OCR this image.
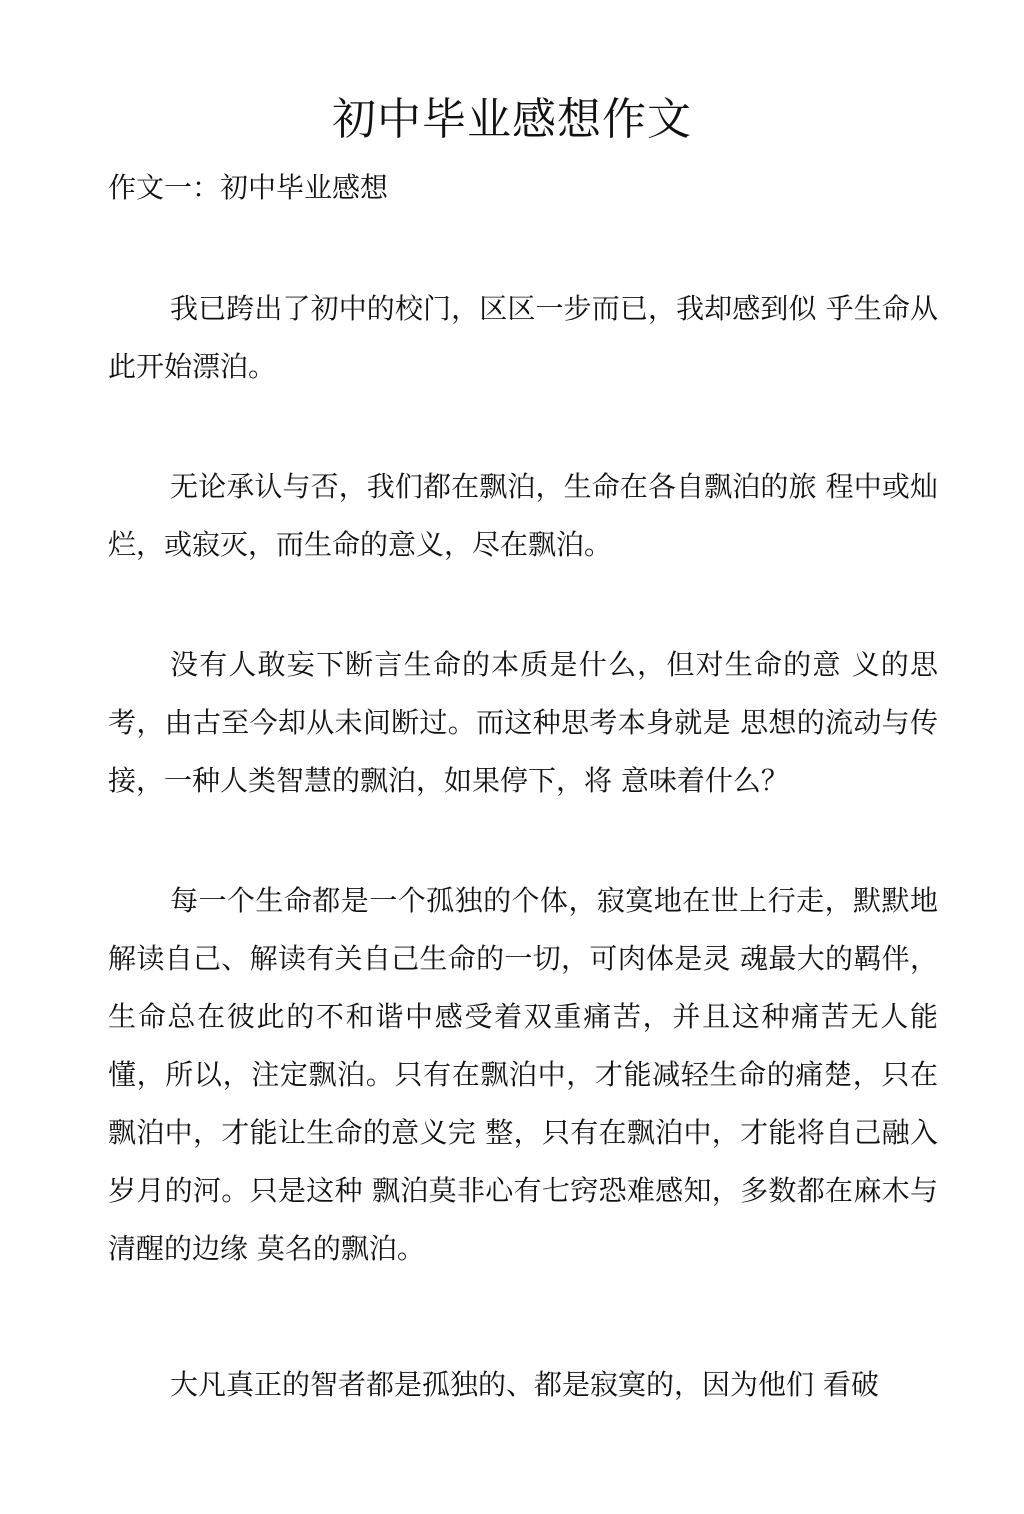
初中毕业感想作文

作文一：初中毕业感想

我已跨出了初中的校门，区区一步而已，我却感到似 乎生命从此开始漂泊。

无论承认与否，我们都在飘泊，生命在各自飘泊的旅 程中或灿烂，或寂灭，而生命的意义，尽在飘泊。

没有人敢妄下断言生命的本质是什么，但对生命的意 义的思考，由古至今却从未间断过。而这种思考本身就是 思想的流动与传接，一种人类智慧的飘泊，如果停下，将 意味着什么？

每一个生命都是一个孤独的个体，寂寞地在世上行走，默默地解读自己、解读有关自己生命的一切，可肉体是灵 魂最大的羁伴，生命总在彼此的不和谐中感受着双重痛苦，并且这种痛苦无人能懂，所以，注定飘泊。只有在飘泊中，才能减轻生命的痛楚，只在飘泊中，才能让生命的意义完 整，只有在飘泊中，才能将自己融入岁月的河。只是这种 飘泊莫非心有七窍恐难感知，多数都在麻木与清醒的边缘 莫名的飘泊。

大凡真正的智者都是孤独的、都是寂寞的，因为他们 看破
